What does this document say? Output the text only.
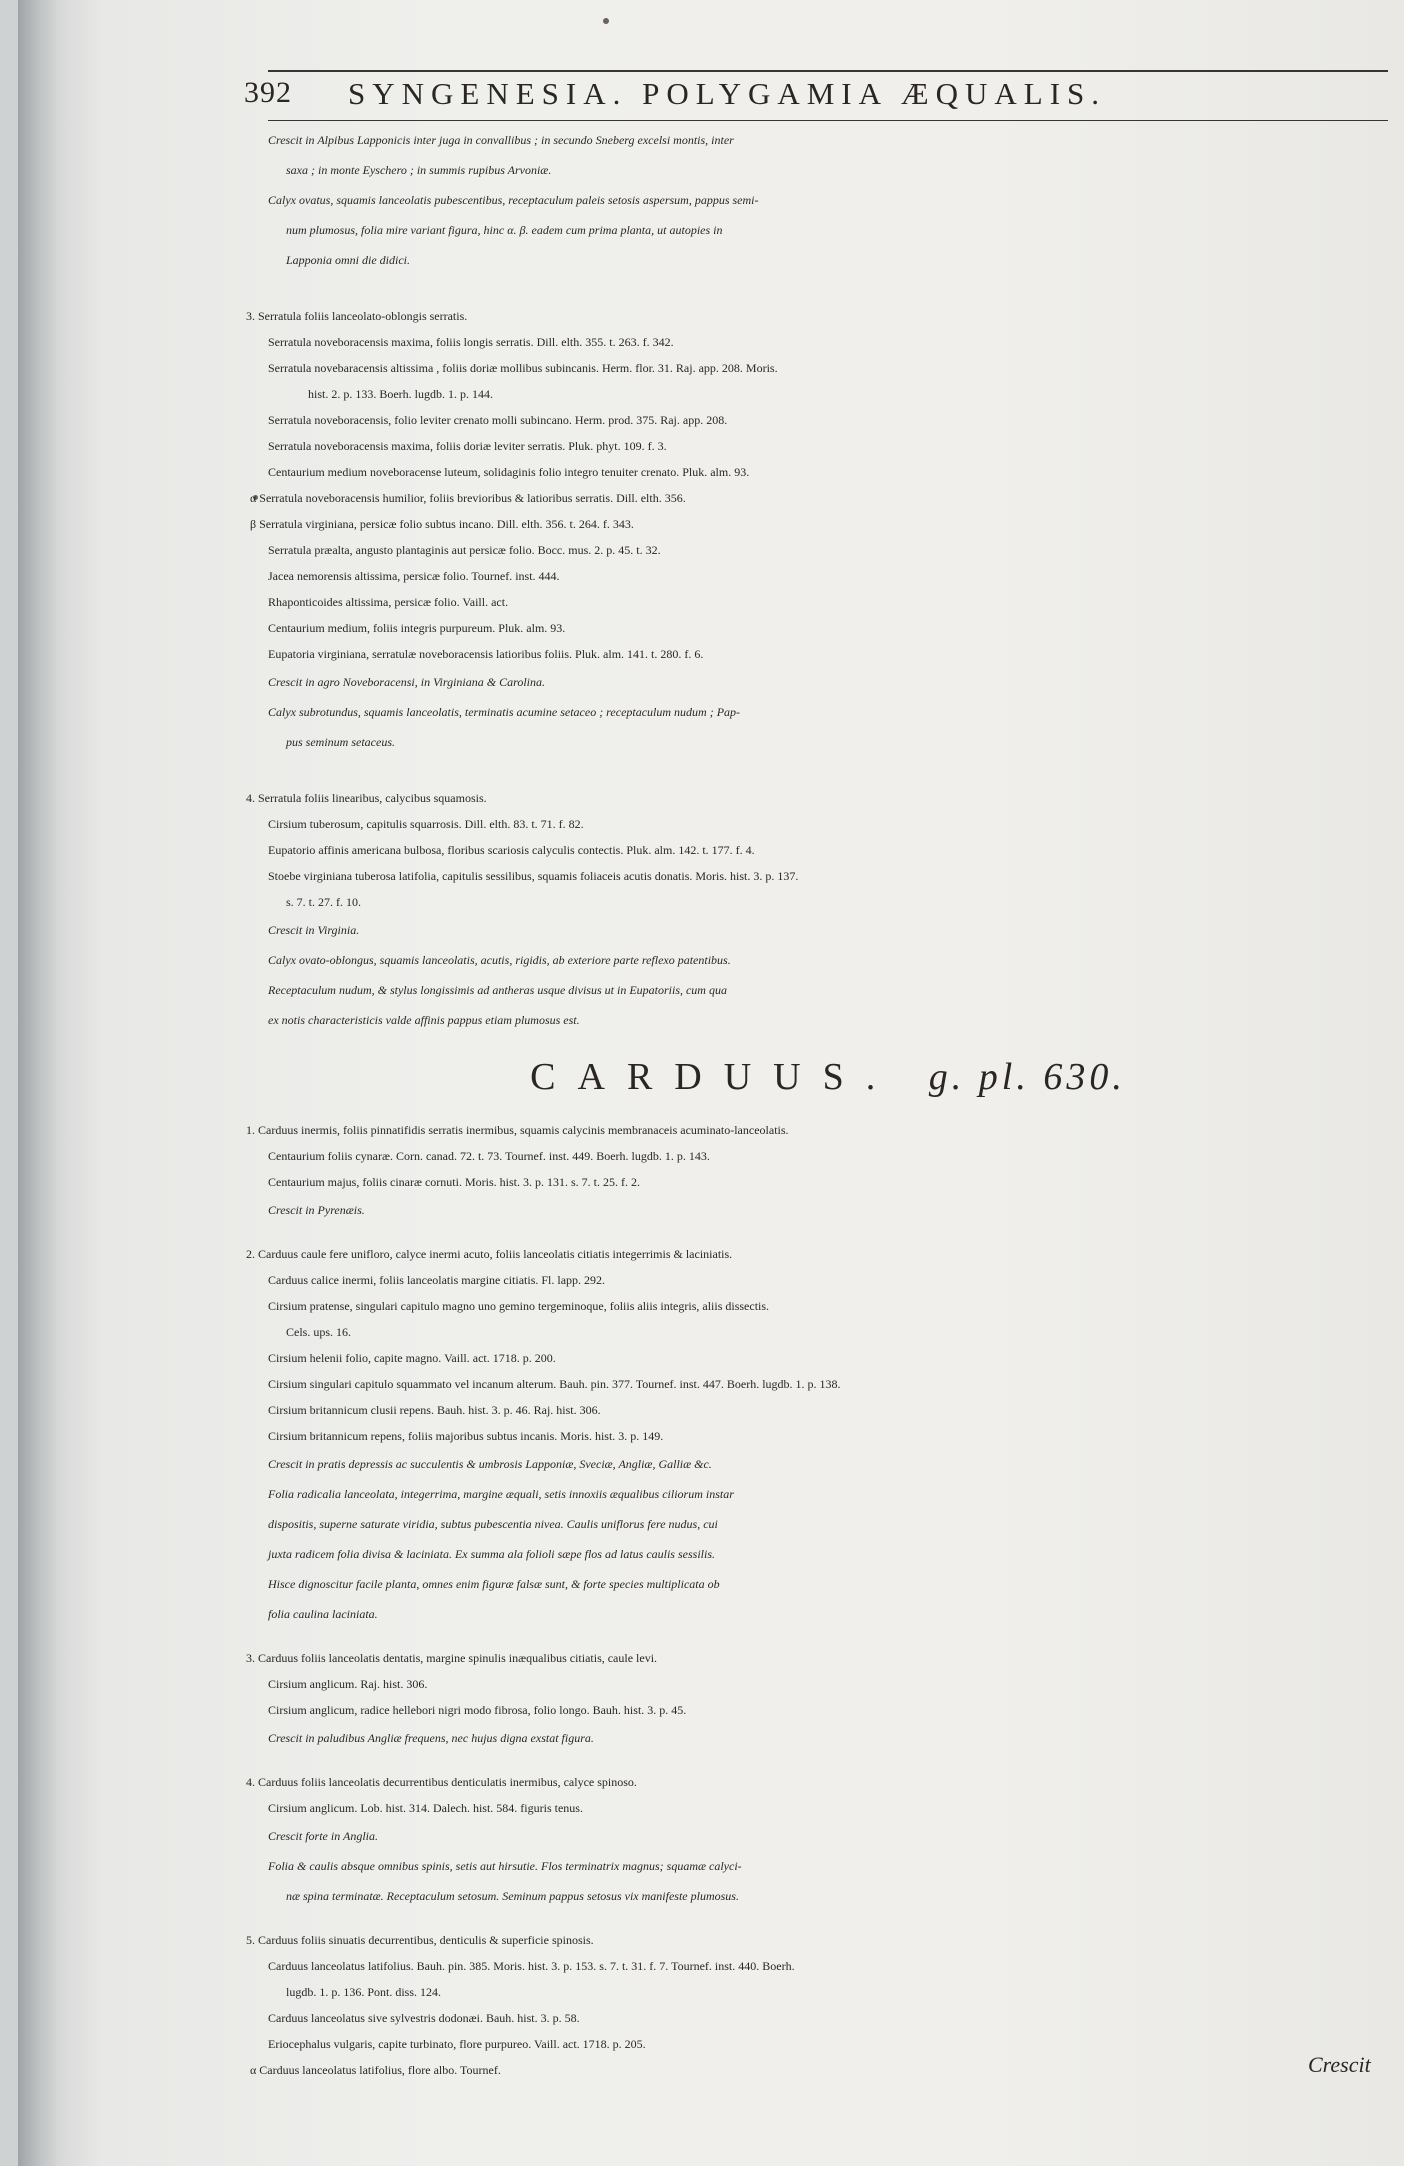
392 SYNGENESIA. POLYGAMIA ÆQUALIS.
Crescit in Alpibus Lapponicis inter juga in convallibus ; in secundo Sneberg excelsi montis, inter
saxa ; in monte Eyschero ; in summis rupibus Arvoniæ.
Calyx ovatus, squamis lanceolatis pubescentibus, receptaculum paleis setosis aspersum, pappus semi-
num plumosus, folia mire variant figura, hinc α. β. eadem cum prima planta, ut autopies in
Lapponia omni die didici.
3. Serratula foliis lanceolato-oblongis serratis.
Serratula noveboracensis maxima, foliis longis serratis. Dill. elth. 355. t. 263. f. 342.
Serratula novebaracensis altissima , foliis doriæ mollibus subincanis. Herm. flor. 31. Raj. app. 208. Moris.
hist. 2. p. 133. Boerh. lugdb. 1. p. 144.
Serratula noveboracensis, folio leviter crenato molli subincano. Herm. prod. 375. Raj. app. 208.
Serratula noveboracensis maxima, foliis doriæ leviter serratis. Pluk. phyt. 109. f. 3.
Centaurium medium noveboracense luteum, solidaginis folio integro tenuiter crenato. Pluk. alm. 93.
α Serratula noveboracensis humilior, foliis brevioribus & latioribus serratis. Dill. elth. 356.
β Serratula virginiana, persicæ folio subtus incano. Dill. elth. 356. t. 264. f. 343.
Serratula præalta, angusto plantaginis aut persicæ folio. Bocc. mus. 2. p. 45. t. 32.
Jacea nemorensis altissima, persicæ folio. Tournef. inst. 444.
Rhaponticoides altissima, persicæ folio. Vaill. act.
Centaurium medium, foliis integris purpureum. Pluk. alm. 93.
Eupatoria virginiana, serratulæ noveboracensis latioribus foliis. Pluk. alm. 141. t. 280. f. 6.
Crescit in agro Noveboracensi, in Virginiana & Carolina.
Calyx subrotundus, squamis lanceolatis, terminatis acumine setaceo ; receptaculum nudum ; Pap-
pus seminum setaceus.
4. Serratula foliis linearibus, calycibus squamosis.
Cirsium tuberosum, capitulis squarrosis. Dill. elth. 83. t. 71. f. 82.
Eupatorio affinis americana bulbosa, floribus scariosis calyculis contectis. Pluk. alm. 142. t. 177. f. 4.
Stoebe virginiana tuberosa latifolia, capitulis sessilibus, squamis foliaceis acutis donatis. Moris. hist. 3. p. 137.
s. 7. t. 27. f. 10.
Crescit in Virginia.
Calyx ovato-oblongus, squamis lanceolatis, acutis, rigidis, ab exteriore parte reflexo patentibus.
Receptaculum nudum, & stylus longissimis ad antheras usque divisus ut in Eupatoriis, cum qua
ex notis characteristicis valde affinis pappus etiam plumosus est.
CARDUUS. g. pl. 630.
1. Carduus inermis, foliis pinnatifidis serratis inermibus, squamis calycinis membranaceis acuminato-lanceolatis.
Centaurium foliis cynaræ. Corn. canad. 72. t. 73. Tournef. inst. 449. Boerh. lugdb. 1. p. 143.
Centaurium majus, foliis cinaræ cornuti. Moris. hist. 3. p. 131. s. 7. t. 25. f. 2.
Crescit in Pyrenæis.
2. Carduus caule fere unifloro, calyce inermi acuto, foliis lanceolatis citiatis integerrimis & laciniatis.
Carduus calice inermi, foliis lanceolatis margine citiatis. Fl. lapp. 292.
Cirsium pratense, singulari capitulo magno uno gemino tergeminoque, foliis aliis integris, aliis dissectis.
Cels. ups. 16.
Cirsium helenii folio, capite magno. Vaill. act. 1718. p. 200.
Cirsium singulari capitulo squammato vel incanum alterum. Bauh. pin. 377. Tournef. inst. 447. Boerh. lugdb. 1. p. 138.
Cirsium britannicum clusii repens. Bauh. hist. 3. p. 46. Raj. hist. 306.
Cirsium britannicum repens, foliis majoribus subtus incanis. Moris. hist. 3. p. 149.
Crescit in pratis depressis ac succulentis & umbrosis Lapponiæ, Sveciæ, Angliæ, Galliæ &c.
Folia radicalia lanceolata, integerrima, margine æquali, setis innoxiis æqualibus ciliorum instar
dispositis, superne saturate viridia, subtus pubescentia nivea. Caulis uniflorus fere nudus, cui
juxta radicem folia divisa & laciniata. Ex summa ala folioli sæpe flos ad latus caulis sessilis.
Hisce dignoscitur facile planta, omnes enim figuræ falsæ sunt, & forte species multiplicata ob
folia caulina laciniata.
3. Carduus foliis lanceolatis dentatis, margine spinulis inæqualibus citiatis, caule levi.
Cirsium anglicum. Raj. hist. 306.
Cirsium anglicum, radice hellebori nigri modo fibrosa, folio longo. Bauh. hist. 3. p. 45.
Crescit in paludibus Angliæ frequens, nec hujus digna exstat figura.
4. Carduus foliis lanceolatis decurrentibus denticulatis inermibus, calyce spinoso.
Cirsium anglicum. Lob. hist. 314. Dalech. hist. 584. figuris tenus.
Crescit forte in Anglia.
Folia & caulis absque omnibus spinis, setis aut hirsutie. Flos terminatrix magnus; squamæ calyci-
næ spina terminatæ. Receptaculum setosum. Seminum pappus setosus vix manifeste plumosus.
5. Carduus foliis sinuatis decurrentibus, denticulis & superficie spinosis.
Carduus lanceolatus latifolius. Bauh. pin. 385. Moris. hist. 3. p. 153. s. 7. t. 31. f. 7. Tournef. inst. 440. Boerh.
lugdb. 1. p. 136. Pont. diss. 124.
Carduus lanceolatus sive sylvestris dodonæi. Bauh. hist. 3. p. 58.
Eriocephalus vulgaris, capite turbinato, flore purpureo. Vaill. act. 1718. p. 205.
α Carduus lanceolatus latifolius, flore albo. Tournef.	Crescit
